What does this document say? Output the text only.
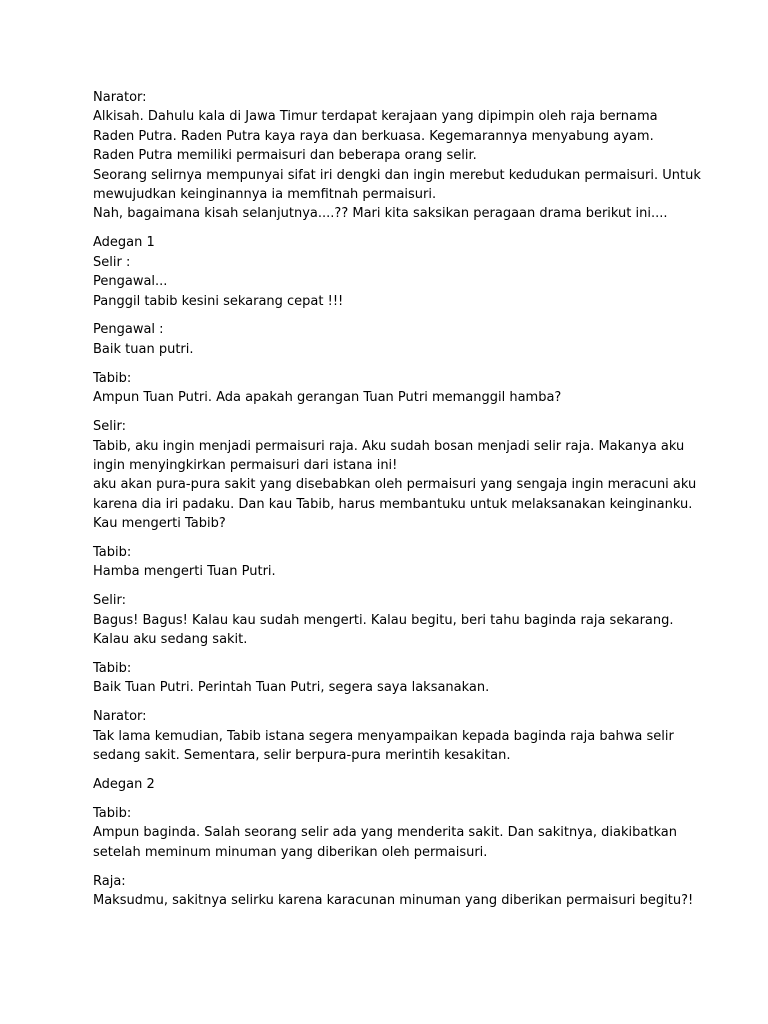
Narator:
Alkisah. Dahulu kala di Jawa Timur terdapat kerajaan yang dipimpin oleh raja bernama
Raden Putra. Raden Putra kaya raya dan berkuasa. Kegemarannya menyabung ayam.
Raden Putra memiliki permaisuri dan beberapa orang selir.
Seorang selirnya mempunyai sifat iri dengki dan ingin merebut kedudukan permaisuri. Untuk
mewujudkan keinginannya ia memfitnah permaisuri.
Nah, bagaimana kisah selanjutnya....?? Mari kita saksikan peragaan drama berikut ini....
Adegan 1
Selir :
Pengawal...
Panggil tabib kesini sekarang cepat !!!
Pengawal :
Baik tuan putri.
Tabib:
Ampun Tuan Putri. Ada apakah gerangan Tuan Putri memanggil hamba?
Selir:
Tabib, aku ingin menjadi permaisuri raja. Aku sudah bosan menjadi selir raja. Makanya aku
ingin menyingkirkan permaisuri dari istana ini!
aku akan pura-pura sakit yang disebabkan oleh permaisuri yang sengaja ingin meracuni aku
karena dia iri padaku. Dan kau Tabib, harus membantuku untuk melaksanakan keinginanku.
Kau mengerti Tabib?
Tabib:
Hamba mengerti Tuan Putri.
Selir:
Bagus! Bagus! Kalau kau sudah mengerti. Kalau begitu, beri tahu baginda raja sekarang.
Kalau aku sedang sakit.
Tabib:
Baik Tuan Putri. Perintah Tuan Putri, segera saya laksanakan.
Narator:
Tak lama kemudian, Tabib istana segera menyampaikan kepada baginda raja bahwa selir
sedang sakit. Sementara, selir berpura-pura merintih kesakitan.
Adegan 2
Tabib:
Ampun baginda. Salah seorang selir ada yang menderita sakit. Dan sakitnya, diakibatkan
setelah meminum minuman yang diberikan oleh permaisuri.
Raja:
Maksudmu, sakitnya selirku karena karacunan minuman yang diberikan permaisuri begitu?!
